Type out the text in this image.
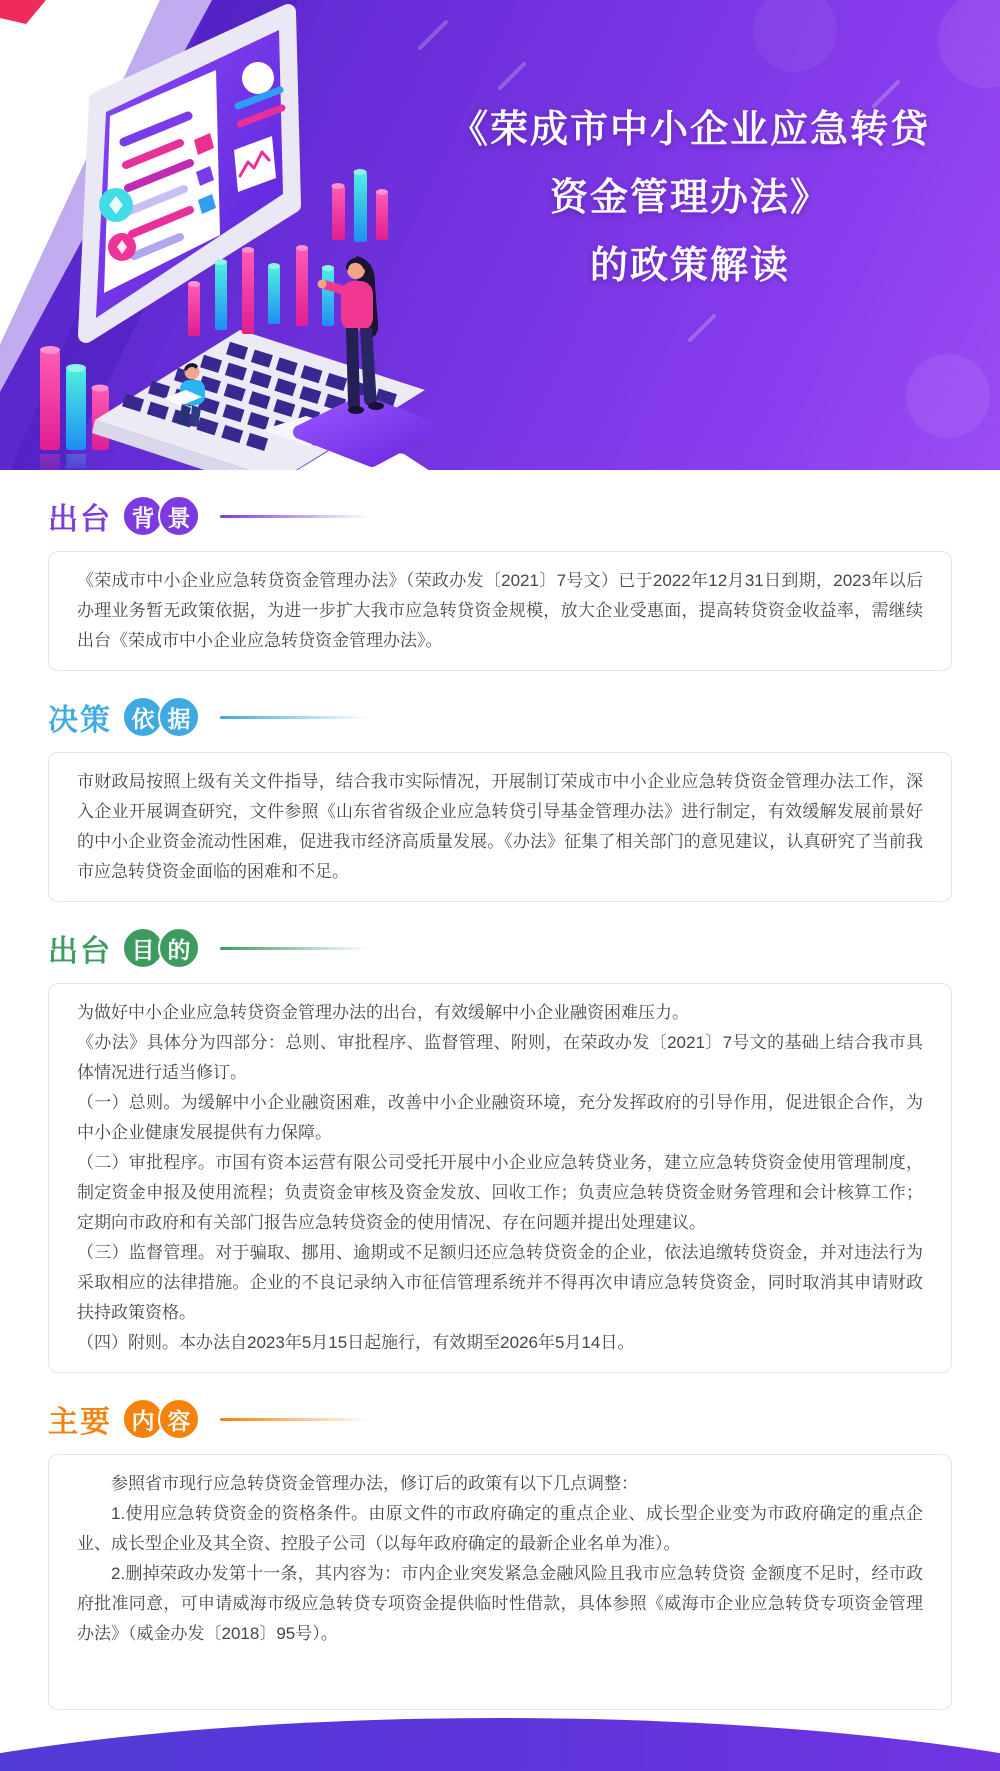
《荣成市中小企业应急转贷
资金管理办法》
的政策解读
出台 背 景

《荣成市中小企业应急转贷资金管理办法》（荣政办发〔2021〕7号文）已于2022年12月31日到期，2023年以后办理业务暂无政策依据，为进一步扩大我市应急转贷资金规模，放大企业受惠面，提高转贷资金收益率，需继续出台《荣成市中小企业应急转贷资金管理办法》。

决策 依 据

市财政局按照上级有关文件指导，结合我市实际情况，开展制订荣成市中小企业应急转贷资金管理办法工作，深入企业开展调查研究，文件参照《山东省省级企业应急转贷引导基金管理办法》进行制定，有效缓解发展前景好的中小企业资金流动性困难，促进我市经济高质量发展。《办法》征集了相关部门的意见建议，认真研究了当前我市应急转贷资金面临的困难和不足。

出台 目 的

为做好中小企业应急转贷资金管理办法的出台，有效缓解中小企业融资困难压力。

《办法》具体分为四部分：总则、审批程序、监督管理、附则，在荣政办发〔2021〕7号文的基础上结合我市具体情况进行适当修订。

（一）总则。为缓解中小企业融资困难，改善中小企业融资环境，充分发挥政府的引导作用，促进银企合作，为中小企业健康发展提供有力保障。

（二）审批程序。市国有资本运营有限公司受托开展中小企业应急转贷业务，建立应急转贷资金使用管理制度，制定资金申报及使用流程；负责资金审核及资金发放、回收工作；负责应急转贷资金财务管理和会计核算工作；定期向市政府和有关部门报告应急转贷资金的使用情况、存在问题并提出处理建议。

（三）监督管理。对于骗取、挪用、逾期或不足额归还应急转贷资金的企业，依法追缴转贷资金，并对违法行为采取相应的法律措施。企业的不良记录纳入市征信管理系统并不得再次申请应急转贷资金，同时取消其申请财政扶持政策资格。

（四）附则。本办法自2023年5月15日起施行，有效期至2026年5月14日。

主要 内 容

参照省市现行应急转贷资金管理办法，修订后的政策有以下几点调整：

1.使用应急转贷资金的资格条件。由原文件的市政府确定的重点企业、成长型企业变为市政府确定的重点企业、成长型企业及其全资、控股子公司（以每年政府确定的最新企业名单为准）。

2.删掉荣政办发第十一条，其内容为：市内企业突发紧急金融风险且我市应急转贷资 金额度不足时，经市政府批准同意，可申请威海市级应急转贷专项资金提供临时性借款，具体参照《威海市企业应急转贷专项资金管理办法》（威金办发〔2018〕95号）。
